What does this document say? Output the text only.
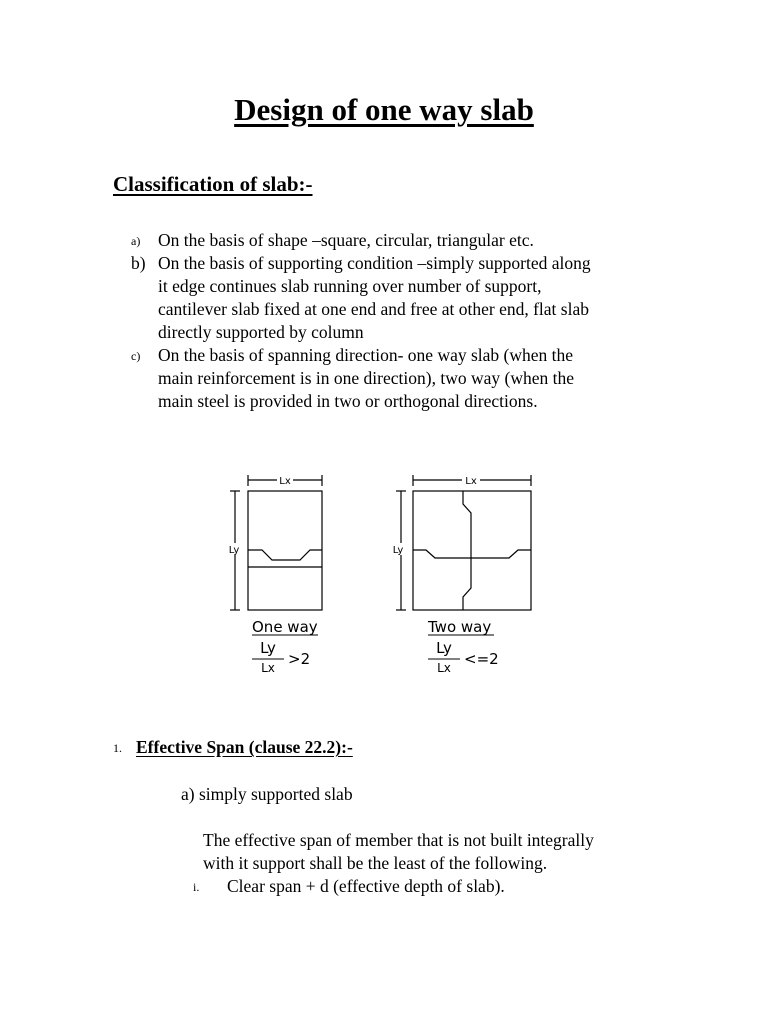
Design of one way slab
Classification of slab:-
a) On the basis of shape –square, circular, triangular etc.
b) On the basis of supporting condition –simply supported along
it edge continues slab running over number of support,
cantilever slab fixed at one end and free at other end, flat slab
directly supported by column
c) On the basis of spanning direction- one way slab (when the
main reinforcement is in one direction), two way (when the
main steel is provided in two or orthogonal directions.
Lx
Ly
Lx
Ly
One way
Ly
Lx >2
Two way
Ly
Lx <=2
1. Effective Span (clause 22.2):-
a) simply supported slab
The effective span of member that is not built integrally
with it support shall be the least of the following.
i. Clear span + d (effective depth of slab).
